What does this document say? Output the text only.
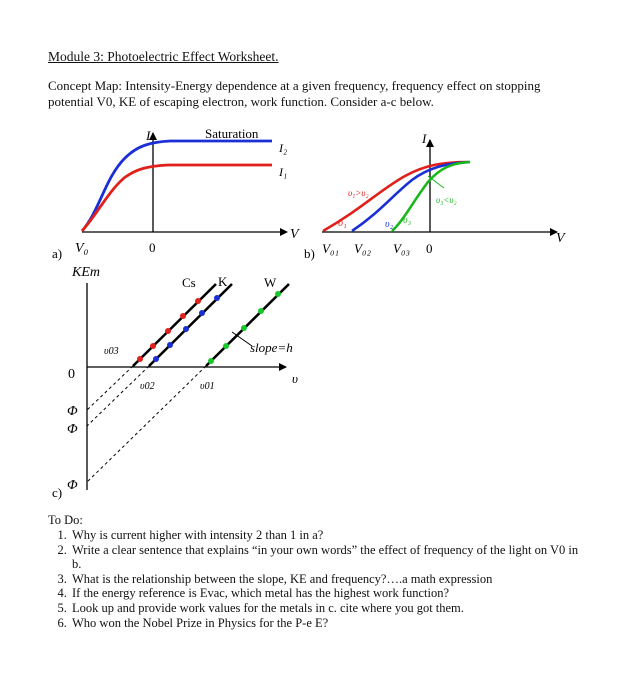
Module 3: Photoelectric Effect Worksheet.
Concept Map: Intensity-Energy dependence at a given frequency, frequency effect on stopping potential V0, KE of escaping electron, work function. Consider a-c below.
I	Saturation
I₂
I₁
V
V₀	0
a)
I
υ₁>υ₂
υ₃<υ₂
υ₁	υ₂ υ₃
V
b) V₀₁ V₀₂ V₀₃ 0
KEm
υ
0
Cs K	W
υ03
υ02	υ01
slope=h
Φ
Φ
Φ
c)
To Do:
1. Why is current higher with intensity 2 than 1 in a?
2. Write a clear sentence that explains “in your own words” the effect of frequency of the light on V0 in b.
3. What is the relationship between the slope, KE and frequency?….a math expression
4. If the energy reference is Evac, which metal has the highest work function?
5. Look up and provide work values for the metals in c. cite where you got them.
6. Who won the Nobel Prize in Physics for the P-e E?
